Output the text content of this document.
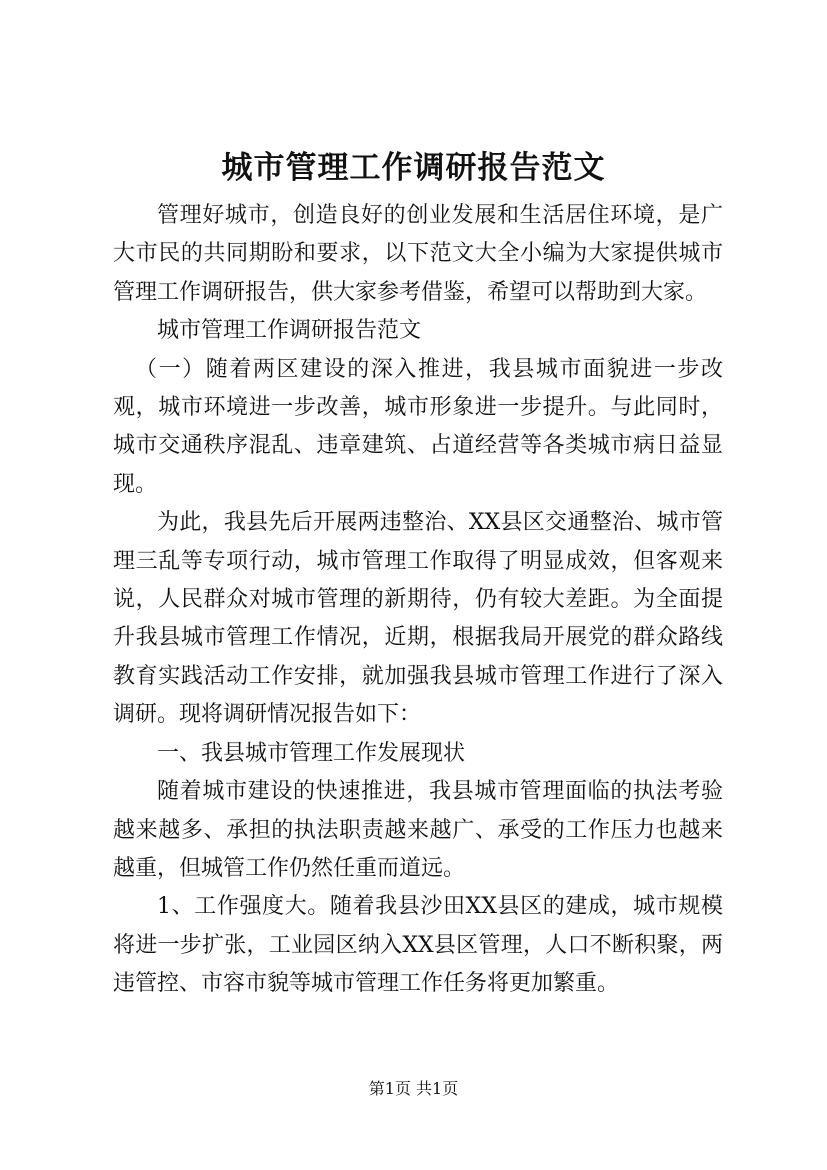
城市管理工作调研报告范文

管理好城市，创造良好的创业发展和生活居住环境，是广大市民的共同期盼和要求，以下范文大全小编为大家提供城市管理工作调研报告，供大家参考借鉴，希望可以帮助到大家。

城市管理工作调研报告范文

（一）随着两区建设的深入推进，我县城市面貌进一步改观，城市环境进一步改善，城市形象进一步提升。与此同时，城市交通秩序混乱、违章建筑、占道经营等各类城市病日益显现。

为此，我县先后开展两违整治、XX县区交通整治、城市管理三乱等专项行动，城市管理工作取得了明显成效，但客观来说，人民群众对城市管理的新期待，仍有较大差距。为全面提升我县城市管理工作情况，近期，根据我局开展党的群众路线教育实践活动工作安排，就加强我县城市管理工作进行了深入调研。现将调研情况报告如下：

一、我县城市管理工作发展现状

随着城市建设的快速推进，我县城市管理面临的执法考验越来越多、承担的执法职责越来越广、承受的工作压力也越来越重，但城管工作仍然任重而道远。

1、工作强度大。随着我县沙田XX县区的建成，城市规模将进一步扩张，工业园区纳入XX县区管理，人口不断积聚，两违管控、市容市貌等城市管理工作任务将更加繁重。

第1页 共1页
